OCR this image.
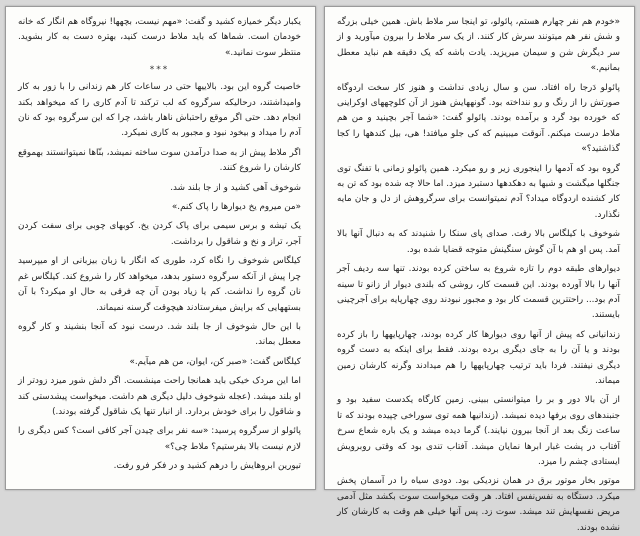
«خودم هم نفر چهارم هستم، پائولو، تو اینجا سر ملاط باش. همین خیلی بزرگه و شش نفر هم میتونند سرش کار کنند. از یک سر ملاط را بیرون میآورید و از سر دیگرش شن و سیمان میریزید. یادت باشه که یک دقیقه هم نباید معطل بمانیم.»

پائولو دَرجا راه افتاد. سن و سال زیادی نداشت و هنوز کار سخت اردوگاه صورتش را از رنگ و رو ننداخته بود. گونههایش هنوز از آن کلوچههای اوکراینی که خورده بود گرد و برآمده بودند. پائولو گفت: «شما آجر بچینید و من هم ملاط درست میکنم. آنوقت میبینیم که کی جلو میافتد! هی، بیل کندهها را کجا گذاشتید؟»

گروه بود که آدمها را اینجوری زیر و رو میکرد. همین پائولو زمانی با تفنگ توی جنگلها میگشت و شبها به دهکدهها دستبرد میزد. اما حالا چه شده بود که تن به کار کشنده اردوگاه میداد؟ آدم نمیتوانست برای سرگروهش از دل و جان مایه نگذارد.

شوخوف با کیلگاس بالا رفت. صدای پای سنکا را شنیدند که به دنبال آنها بالا آمد. پس او هم با آن گوش سنگینش متوجه قضایا شده بود.

دیوارهای طبقه دوم را تازه شروع به ساختن کرده بودند. تنها سه ردیف آجر آنها را بالا آورده بودند. این قسمت کار، روشی که بلندی دیوار از زانو تا سینه آدم بود... راحتترین قسمت کار بود و مجبور نبودند روی چهارپایه برای آجرچینی بایستند.

زندانیانی که پیش از آنها روی دیوارها کار کرده بودند، چهارپایهها را باز کرده بودند و یا آن را به جای دیگری برده بودند. فقط برای اینکه به دست گروه دیگری نیفتند. فردا باید ترتیب چهارپایهها را هم میدادند وگرنه کارشان زمین میماند.

از آن بالا دور و بر را میتوانستی ببینی. زمین کارگاه یکدست سفید بود و جنبندهای روی برفها دیده نمیشد. (زندانیها همه توی سوراخی چپیده بودند که تا ساعت زنگ بعد از آنجا بیرون نیایند.) گرما دیده میشد و یک باره شعاع سرخ آفتاب در پشت غبار ابرها نمایان میشد. آفتاب تندی بود که وقتی روبرویش ایستادی چشم را میزد.

موتور بخار موتور برق در همان نزدیکی بود. دودی سیاه را در آسمان پخش میکرد. دستگاه به نفس‌نفس افتاد. هر وقت میخواست سوت بکشد مثل آدمی مریض نفسهایش تند میشد. سوت زد. پس آنها خیلی هم وقت به کارشان کار نشده بودند.

یکبار دیگر خمیازه کشید و گفت: «مهم نیست، بچهها! نیروگاه هم انگار که خانه خودمان است. شماها که باید ملاط درست کنید، بهتره دست به کار بشوید. منتظر سوت نمانید.»

***

خاصیت گروه این بود. بالاییها حتی در ساعات کار هم زندانی را با زور به کار وامیداشتند، درحالیکه سرگروه که لب ترکند تا آدم کاری را که میخواهد بکند انجام دهد. حتی اگر موقع راحتباش ناهار باشد، چرا که این سرگروه بود که نان آدم را میداد و بیخود نبود و مجبور به کاری نمیکرد.

اگر ملاط پیش از به صدا درآمدن سوت ساخته نمیشد، بنّاها نمیتوانستند بهموقع کارشان را شروع کنند.

شوخوف آهی کشید و از جا بلند شد.

«من میروم یخ دیوارها را پاک کنم.»

یک تیشه و برس سیمی برای پاک کردن یخ. کوبهای چوبی برای سفت کردن آجر، تراز و نخ و شاقول را برداشت.

کیلگاس شوخوف را نگاه کرد، طوری که انگار با زبان بیزبانی از او میپرسید چرا پیش از آنکه سرگروه دستور بدهد، میخواهد کار را شروع کند. کیلگاس غم نان گروه را نداشت. کم یا زیاد بودن آن چه فرقی به حال او میکرد؟ با آن بستههایی که برایش میفرستادند هیچوقت گرسنه نمیماند.

با این حال شوخوف از جا بلند شد. درست نبود که آنجا بنشیند و کار گروه معطل بماند.

کیلگاس گفت: «صبر کن، ایوان، من هم میآیم.»

اما این مردک خیکی باید همانجا راحت مینشست. اگر دلش شور میزد زودتر از او بلند میشد. (عجله شوخوف دلیل دیگری هم داشت. میخواست پیشدستی کند و شاقول را برای خودش بردارد. از انبار تنها یک شاقول گرفته بودند.)

پائولو از سرگروه پرسید: «سه نفر برای چیدن آجر کافی است؟ کس دیگری را لازم نیست بالا بفرستیم؟ ملاط چی؟»

تیورین ابروهایش را درهم کشید و در فکر فرو رفت.
